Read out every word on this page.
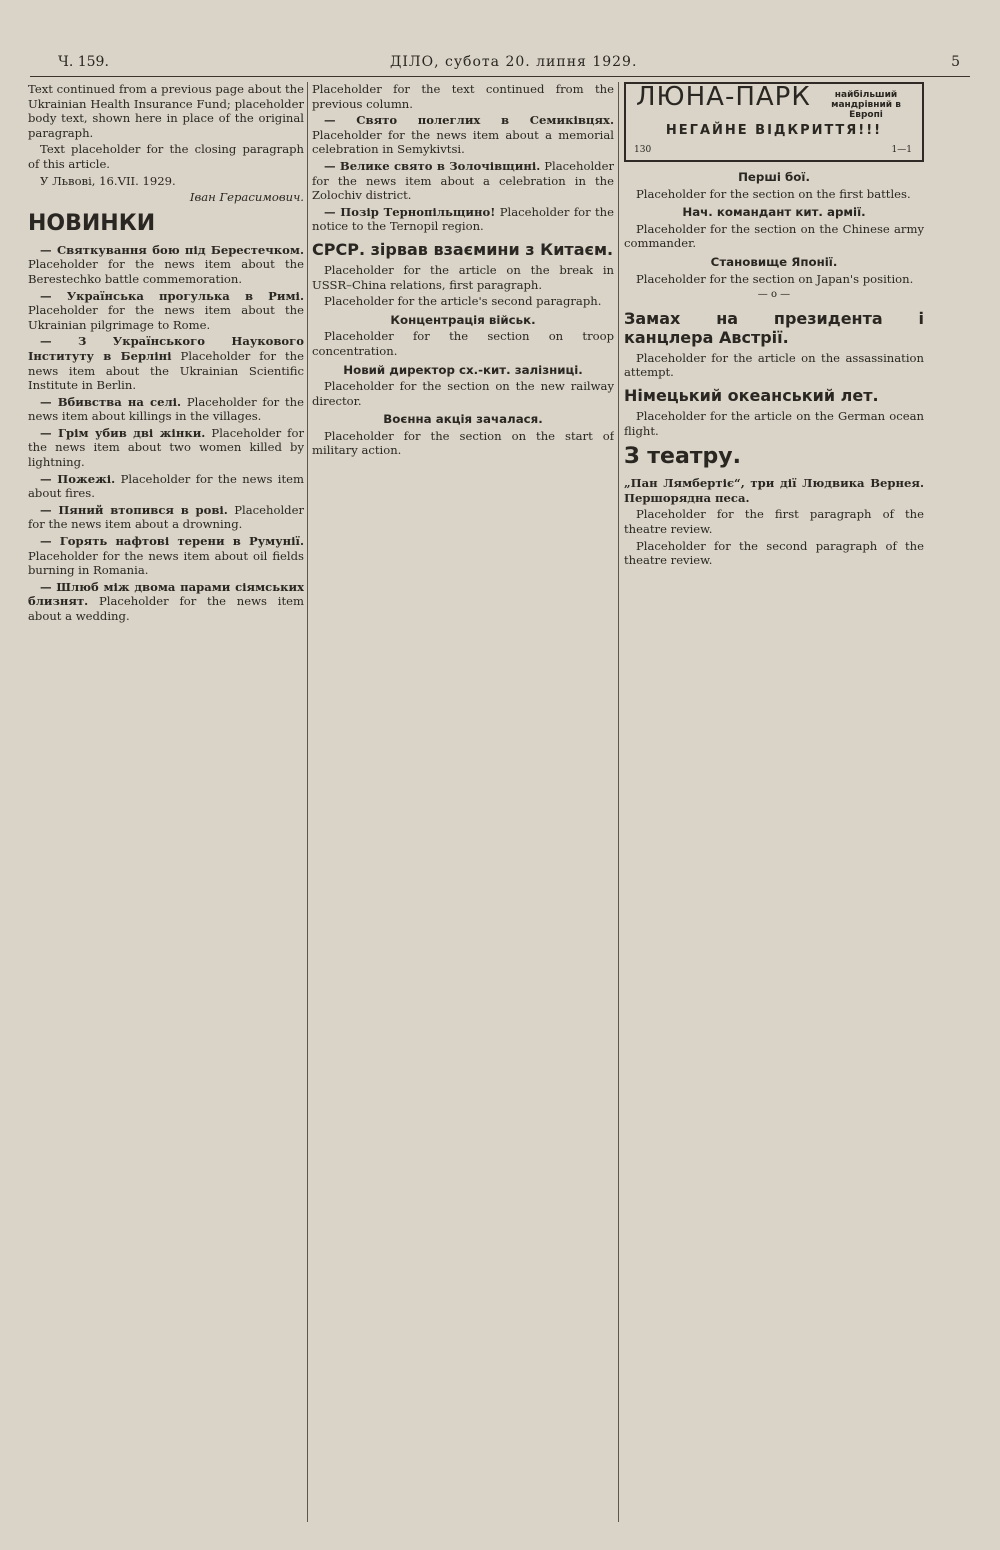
Ч. 159.	ДІЛО, субота 20. липня 1929.	5

Text continued from a previous page about the Ukrainian Health Insurance Fund; placeholder body text, shown here in place of the original paragraph.

Text placeholder for the closing paragraph of this article.

У Львові, 16.VII. 1929.

Іван Герасимович.

НОВИНКИ

— Святкування бою під Берестечком. Placeholder for the news item about the Berestechko battle commemoration.

— Українська прогулька в Римі. Placeholder for the news item about the Ukrainian pilgrimage to Rome.

— З Українського Наукового Інституту в Берліні Placeholder for the news item about the Ukrainian Scientific Institute in Berlin.

— Вбивства на селі. Placeholder for the news item about killings in the villages.

— Грім убив дві жінки. Placeholder for the news item about two women killed by lightning.

— Пожежі. Placeholder for the news item about fires.

— Пяний втопився в рові. Placeholder for the news item about a drowning.

— Горять нафтові терени в Румунії. Placeholder for the news item about oil fields burning in Romania.

— Шлюб між двома парами сіямських близнят. Placeholder for the news item about a wedding.

Placeholder for the text continued from the previous column.

— Свято полеглих в Семиківцях. Placeholder for the news item about a memorial celebration in Semykivtsi.

— Велике свято в Золочівщині. Placeholder for the news item about a celebration in the Zolochiv district.

— Позір Тернопільщино! Placeholder for the notice to the Ternopil region.

СРСР. зірвав взаємини з Китаєм.

Placeholder for the article on the break in USSR–China relations, first paragraph.

Placeholder for the article's second paragraph.

Концентрація військ.

Placeholder for the section on troop concentration.

Новий директор сх.-кит. залізниці.

Placeholder for the section on the new railway director.

Воєнна акція зачалася.

Placeholder for the section on the start of military action.

ЛЮНА-ПАРК	найбільший мандрівний в Европі
НЕГАЙНЕ ВІДКРИТТЯ!!!
130	1—1
Перші бої.

Placeholder for the section on the first battles.

Нач. командант кит. армії.

Placeholder for the section on the Chinese army commander.

Становище Японії.

Placeholder for the section on Japan's position.

— o —
Замах на президента і канцлера Австрії.

Placeholder for the article on the assassination attempt.

Німецький океанський лет.

Placeholder for the article on the German ocean flight.

З театру.

„Пан Лямбертіє“, три дії Людвика Вернея. Першорядна песа.

Placeholder for the first paragraph of the theatre review.

Placeholder for the second paragraph of the theatre review.
